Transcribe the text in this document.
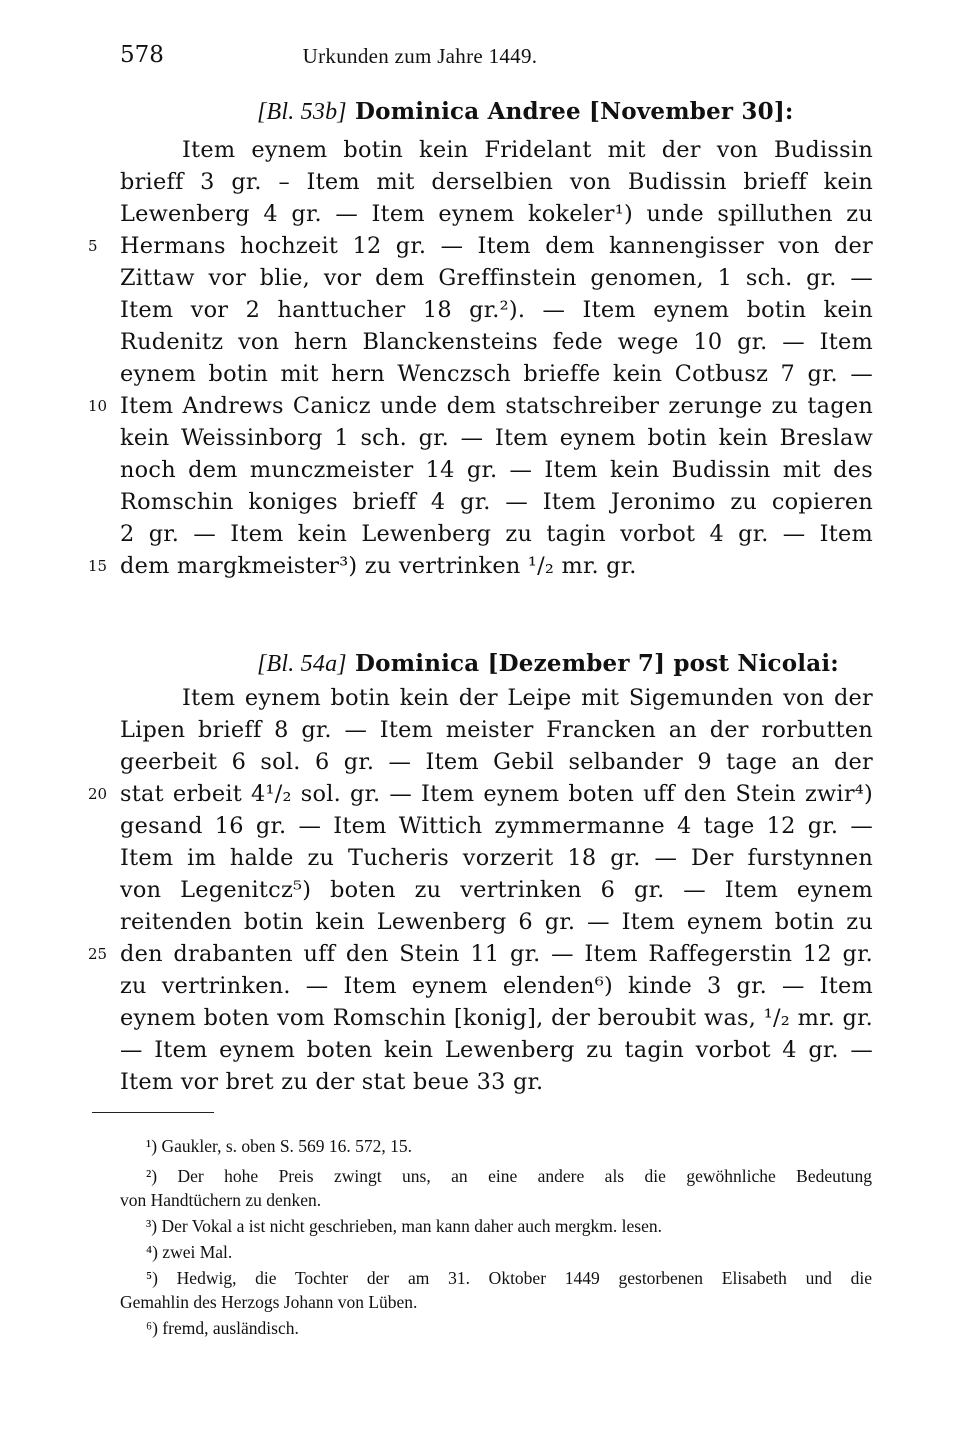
578	Urkunden zum Jahre 1449.
[Bl. 53b] Dominica Andree [November 30]:
Item eynem botin kein Fridelant mit der von Budissin
brieff 3 gr. – Item mit derselbien von Budissin brieff kein
Lewenberg 4 gr. — Item eynem kokeler¹) unde spilluthen zu
Hermans hochzeit 12 gr. — Item dem kannengisser von der
Zittaw vor blie, vor dem Greffinstein genomen, 1 sch. gr. —
Item vor 2 hanttucher 18 gr.²). — Item eynem botin kein
Rudenitz von hern Blanckensteins fede wege 10 gr. — Item
eynem botin mit hern Wenczsch brieffe kein Cotbusz 7 gr. —
Item Andrews Canicz unde dem statschreiber zerunge zu tagen
kein Weissinborg 1 sch. gr. — Item eynem botin kein Breslaw
noch dem munczmeister 14 gr. — Item kein Budissin mit des
Romschin koniges brieff 4 gr. — Item Jeronimo zu copieren
2 gr. — Item kein Lewenberg zu tagin vorbot 4 gr. — Item
dem margkmeister³) zu vertrinken ¹/₂ mr. gr.
5
10
15
[Bl. 54a] Dominica [Dezember 7] post Nicolai:
Item eynem botin kein der Leipe mit Sigemunden von der
Lipen brieff 8 gr. — Item meister Francken an der rorbutten
geerbeit 6 sol. 6 gr. — Item Gebil selbander 9 tage an der
stat erbeit 4¹/₂ sol. gr. — Item eynem boten uff den Stein zwir⁴)
gesand 16 gr. — Item Wittich zymmermanne 4 tage 12 gr. —
Item im halde zu Tucheris vorzerit 18 gr. — Der furstynnen
von Legenitcz⁵) boten zu vertrinken 6 gr. — Item eynem
reitenden botin kein Lewenberg 6 gr. — Item eynem botin zu
den drabanten uff den Stein 11 gr. — Item Raffegerstin 12 gr.
zu vertrinken. — Item eynem elenden⁶) kinde 3 gr. — Item
eynem boten vom Romschin [konig], der beroubit was, ¹/₂ mr. gr.
— Item eynem boten kein Lewenberg zu tagin vorbot 4 gr. —
Item vor bret zu der stat beue 33 gr.
20
25
¹) Gaukler, s. oben S. 569 16. 572, 15.
²) Der hohe Preis zwingt uns, an eine andere als die gewöhnliche Bedeutung
von Handtüchern zu denken.
³) Der Vokal a ist nicht geschrieben, man kann daher auch mergkm. lesen.
⁴) zwei Mal.
⁵) Hedwig, die Tochter der am 31. Oktober 1449 gestorbenen Elisabeth und die
Gemahlin des Herzogs Johann von Lüben.
⁶) fremd, ausländisch.
